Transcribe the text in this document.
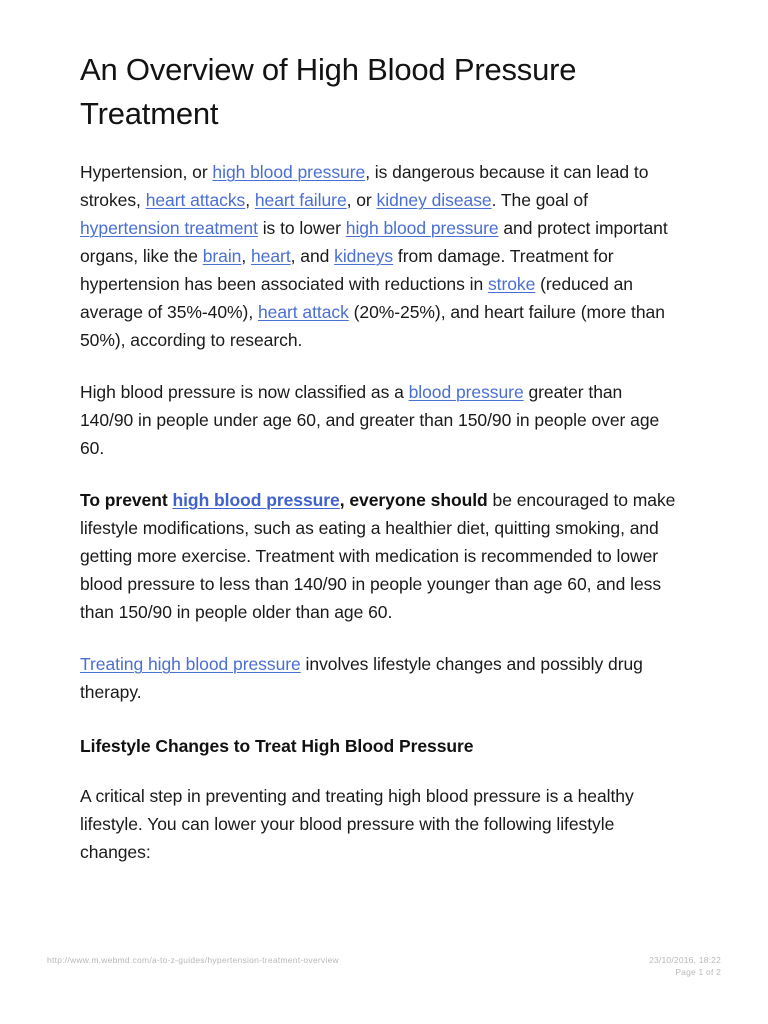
An Overview of High Blood Pressure Treatment

Hypertension, or high blood pressure, is dangerous because it can lead to strokes, heart attacks, heart failure, or kidney disease. The goal of hypertension treatment is to lower high blood pressure and protect important organs, like the brain, heart, and kidneys from damage. Treatment for hypertension has been associated with reductions in stroke (reduced an average of 35%-40%), heart attack (20%-25%), and heart failure (more than 50%), according to research.

High blood pressure is now classified as a blood pressure greater than 140/90 in people under age 60, and greater than 150/90 in people over age 60.

To prevent high blood pressure, everyone should be encouraged to make lifestyle modifications, such as eating a healthier diet, quitting smoking, and getting more exercise. Treatment with medication is recommended to lower blood pressure to less than 140/90 in people younger than age 60, and less than 150/90 in people older than age 60.

Treating high blood pressure involves lifestyle changes and possibly drug therapy.

Lifestyle Changes to Treat High Blood Pressure

A critical step in preventing and treating high blood pressure is a healthy lifestyle. You can lower your blood pressure with the following lifestyle changes:

http://www.m.webmd.com/a-to-z-guides/hypertension-treatment-overview	23/10/2016, 18:22
Page 1 of 2
